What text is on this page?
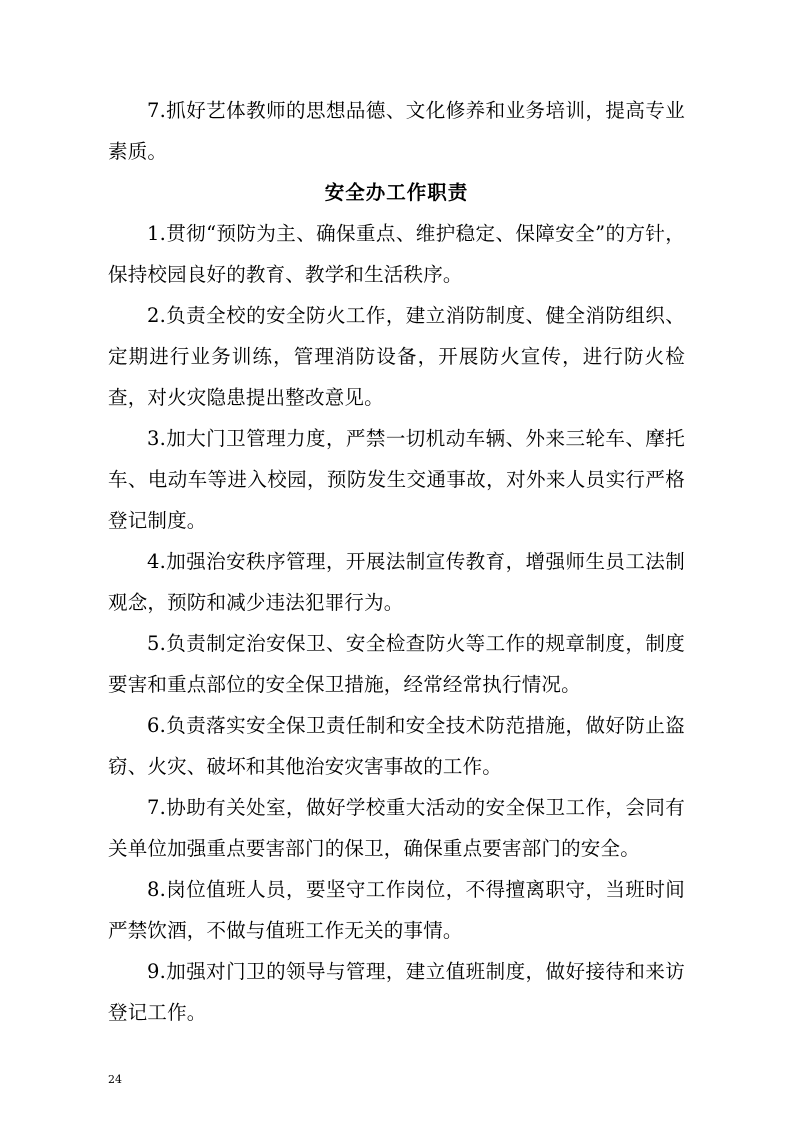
7.抓好艺体教师的思想品德、文化修养和业务培训，提高专业素质。

安全办工作职责

1.贯彻“预防为主、确保重点、维护稳定、保障安全”的方针，保持校园良好的教育、教学和生活秩序。

2.负责全校的安全防火工作，建立消防制度、健全消防组织、定期进行业务训练，管理消防设备，开展防火宣传，进行防火检查，对火灾隐患提出整改意见。

3.加大门卫管理力度，严禁一切机动车辆、外来三轮车、摩托车、电动车等进入校园，预防发生交通事故，对外来人员实行严格登记制度。

4.加强治安秩序管理，开展法制宣传教育，增强师生员工法制观念，预防和减少违法犯罪行为。

5.负责制定治安保卫、安全检查防火等工作的规章制度，制度要害和重点部位的安全保卫措施，经常经常执行情况。

6.负责落实安全保卫责任制和安全技术防范措施，做好防止盗窃、火灾、破坏和其他治安灾害事故的工作。

7.协助有关处室，做好学校重大活动的安全保卫工作，会同有关单位加强重点要害部门的保卫，确保重点要害部门的安全。

8.岗位值班人员，要坚守工作岗位，不得擅离职守，当班时间严禁饮酒，不做与值班工作无关的事情。

9.加强对门卫的领导与管理，建立值班制度，做好接待和来访登记工作。

24
